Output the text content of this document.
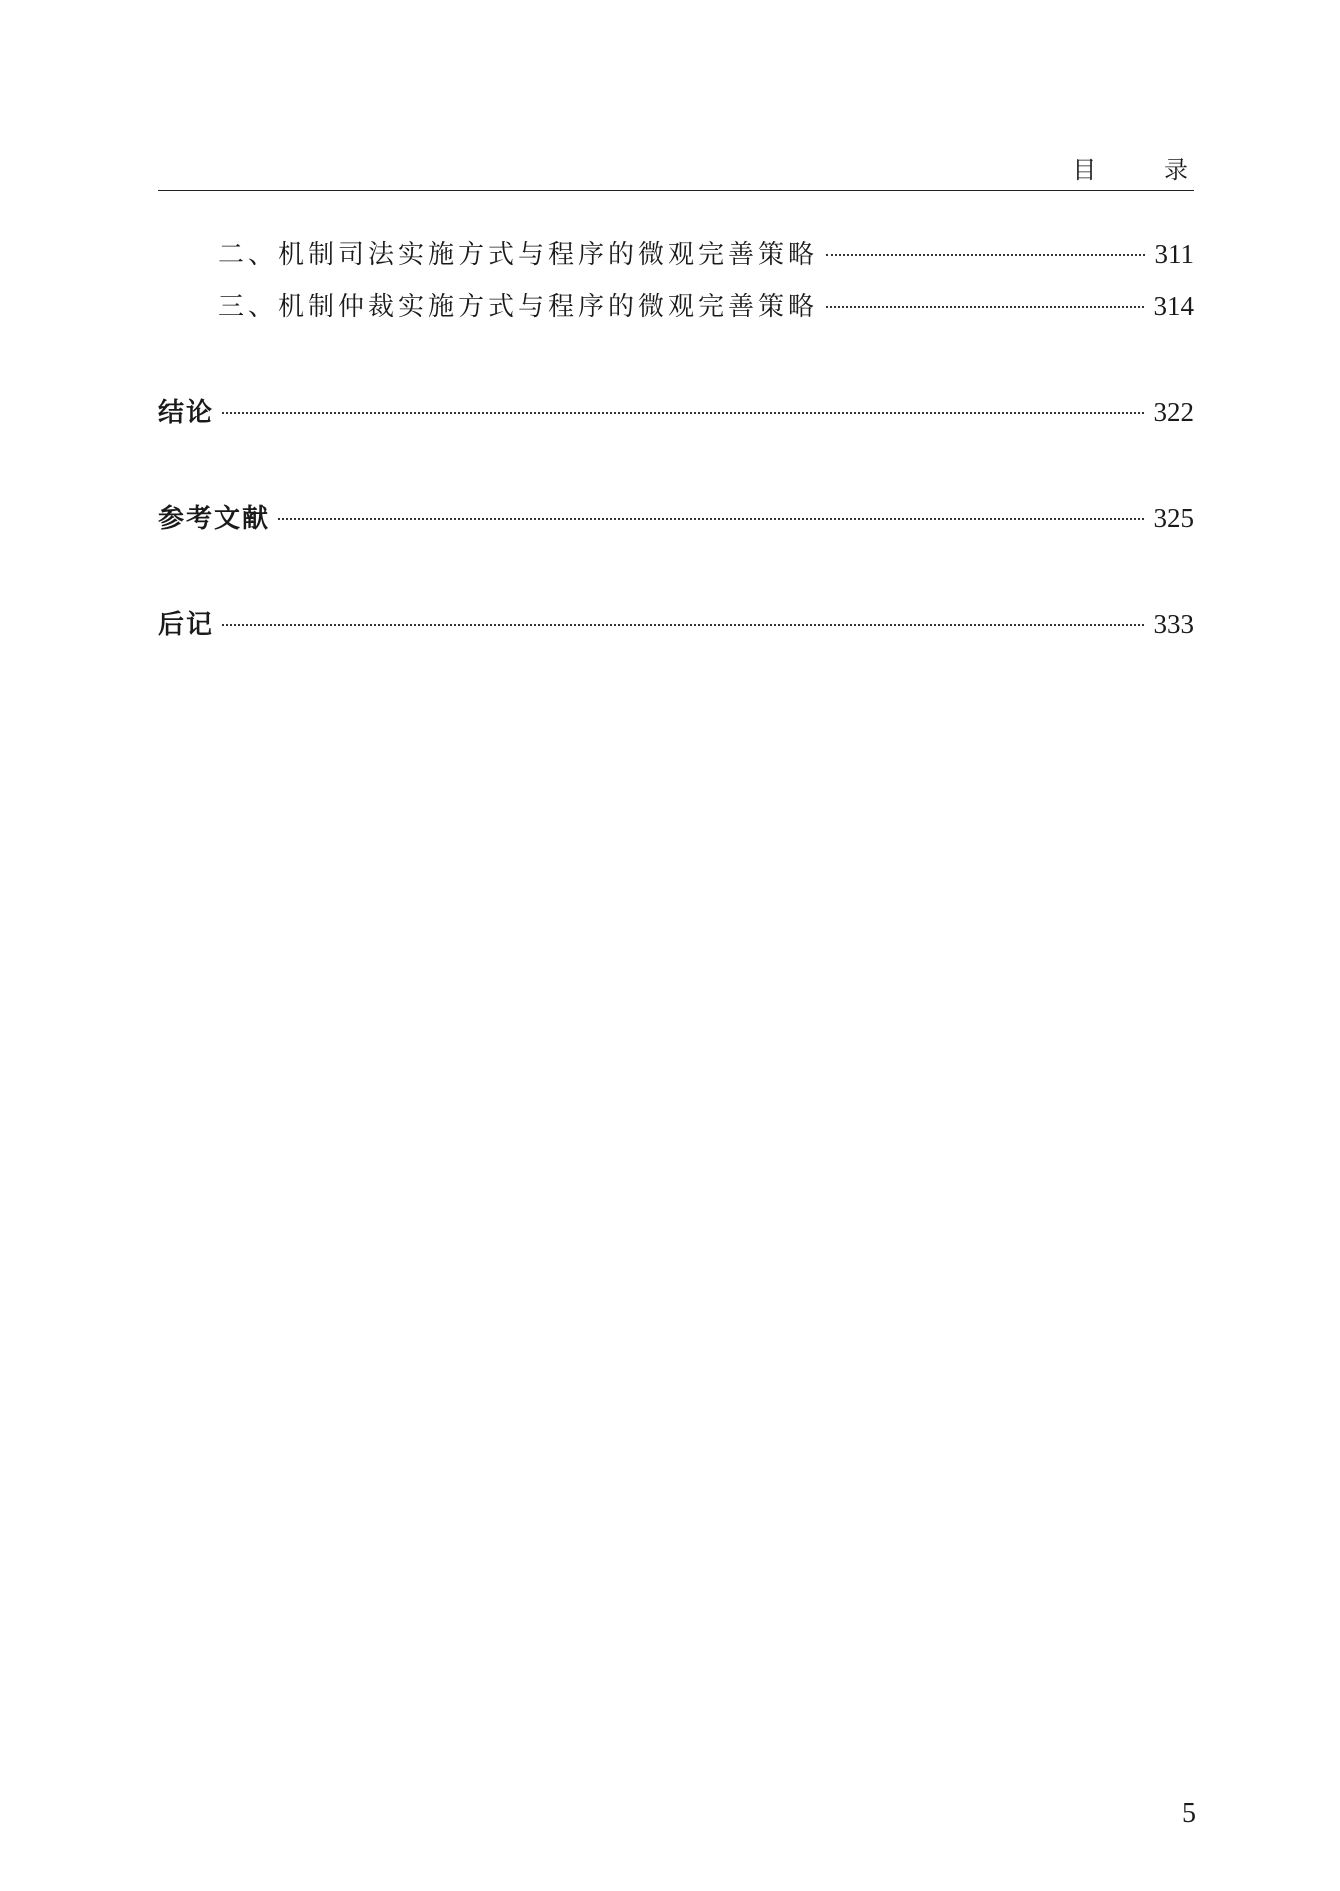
目 录
二、机制司法实施方式与程序的微观完善策略	311
三、机制仲裁实施方式与程序的微观完善策略	314
结论	322
参考文献	325
后记	333
5
